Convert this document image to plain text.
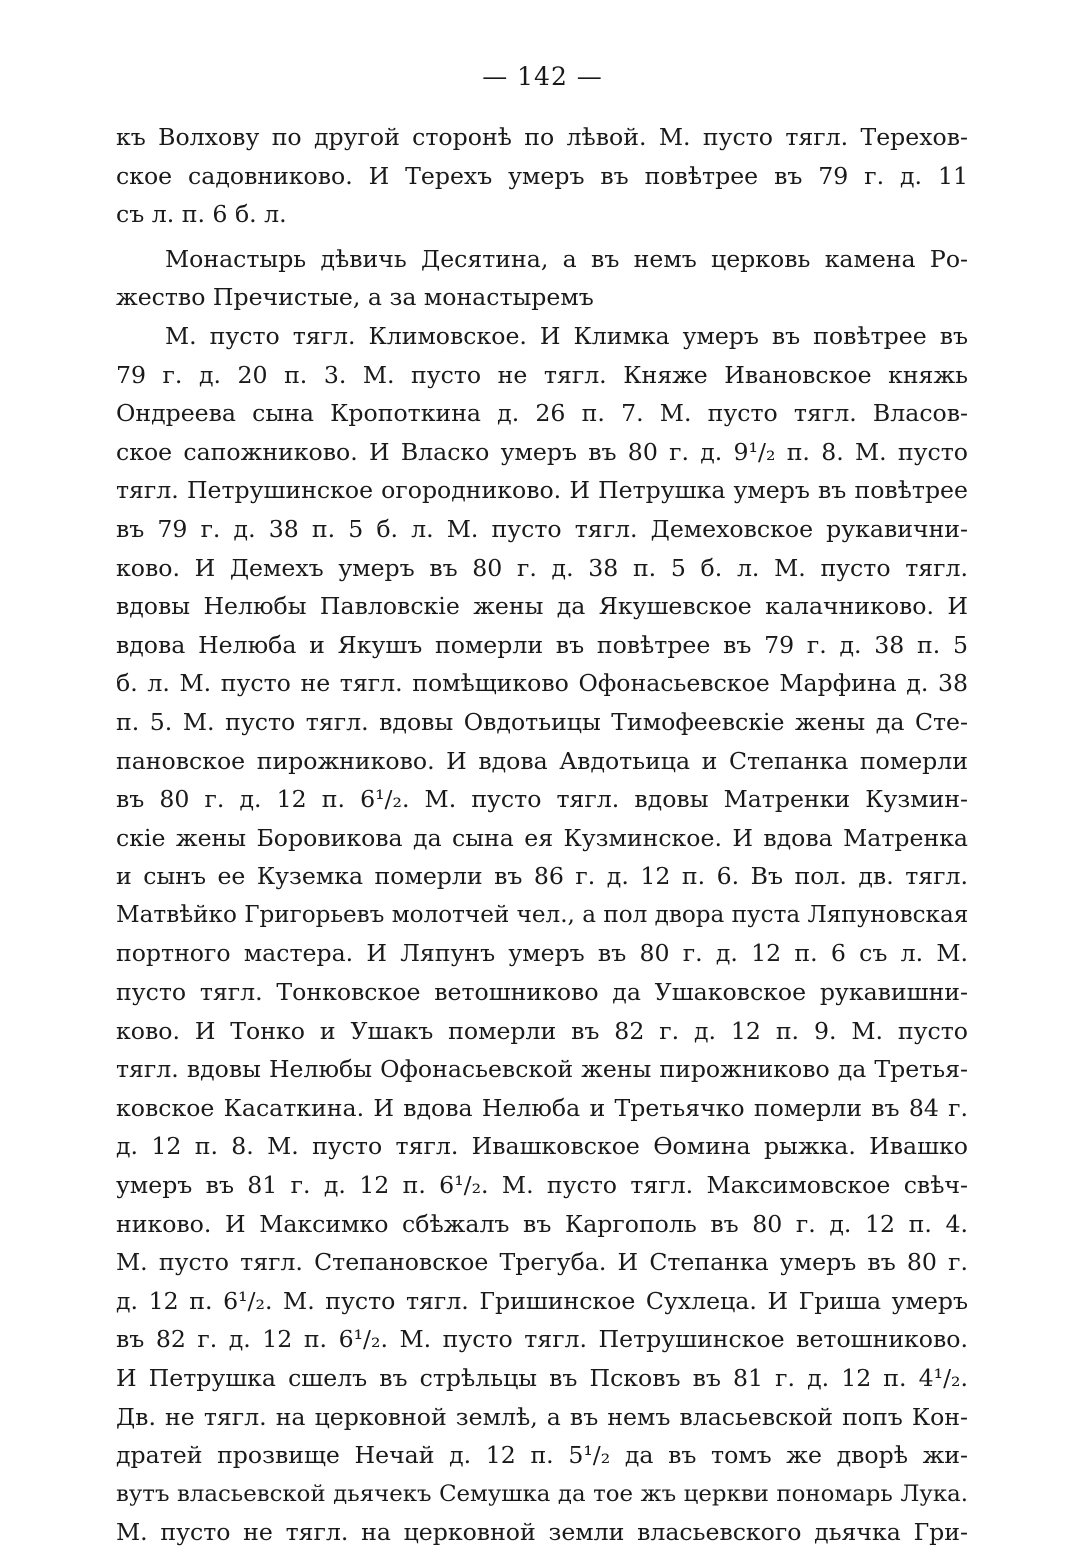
— 142 —
къ Волхову по другой сторонѣ по лѣвой. М. пусто тягл. Терехов-
ское садовниково. И Терехъ умеръ въ повѣтрее въ 79 г. д. 11
съ л. п. 6 б. л.
Монастырь дѣвичь Десятина, а въ немъ церковь камена Ро-
жество Пречистые, а за монастыремъ
М. пусто тягл. Климовское. И Климка умеръ въ повѣтрее въ
79 г. д. 20 п. 3. М. пусто не тягл. Княже Ивановское княжь
Ондреева сына Кропоткина д. 26 п. 7. М. пусто тягл. Власов-
ское сапожниково. И Власко умеръ въ 80 г. д. 9¹/₂ п. 8. М. пусто
тягл. Петрушинское огородниково. И Петрушка умеръ въ повѣтрее
въ 79 г. д. 38 п. 5 б. л. М. пусто тягл. Демеховское рукавични-
ково. И Демехъ умеръ въ 80 г. д. 38 п. 5 б. л. М. пусто тягл.
вдовы Нелюбы Павловскіе жены да Якушевское калачниково. И
вдова Нелюба и Якушъ померли въ повѣтрее въ 79 г. д. 38 п. 5
б. л. М. пусто не тягл. помѣщиково Офонасьевское Марфина д. 38
п. 5. М. пусто тягл. вдовы Овдотьицы Тимофеевскіе жены да Сте-
пановское пирожниково. И вдова Авдотьица и Степанка померли
въ 80 г. д. 12 п. 6¹/₂. М. пусто тягл. вдовы Матренки Кузмин-
скіе жены Боровикова да сына ея Кузминское. И вдова Матренка
и сынъ ее Куземка померли въ 86 г. д. 12 п. 6. Въ пол. дв. тягл.
Матвѣйко Григорьевъ молотчей чел., а пол двора пуста Ляпуновская
портного мастера. И Ляпунъ умеръ въ 80 г. д. 12 п. 6 съ л. М.
пусто тягл. Тонковское ветошниково да Ушаковское рукавишни-
ково. И Тонко и Ушакъ померли въ 82 г. д. 12 п. 9. М. пусто
тягл. вдовы Нелюбы Офонасьевской жены пирожниково да Третья-
ковское Касаткина. И вдова Нелюба и Третьячко померли въ 84 г.
д. 12 п. 8. М. пусто тягл. Ивашковское Өомина рыжка. Ивашко
умеръ въ 81 г. д. 12 п. 6¹/₂. М. пусто тягл. Максимовское свѣч-
никово. И Максимко сбѣжалъ въ Каргополь въ 80 г. д. 12 п. 4.
М. пусто тягл. Степановское Трегуба. И Степанка умеръ въ 80 г.
д. 12 п. 6¹/₂. М. пусто тягл. Гришинское Сухлеца. И Гриша умеръ
въ 82 г. д. 12 п. 6¹/₂. М. пусто тягл. Петрушинское ветошниково.
И Петрушка сшелъ въ стрѣльцы въ Псковъ въ 81 г. д. 12 п. 4¹/₂.
Дв. не тягл. на церковной землѣ, а въ немъ власьевской попъ Кон-
дратей прозвище Нечай д. 12 п. 5¹/₂ да въ томъ же дворѣ жи-
вутъ власьевской дьячекъ Семушка да тое жъ церкви пономарь Лука.
М. пусто не тягл. на церковной земли власьевского дьячка Гри-
